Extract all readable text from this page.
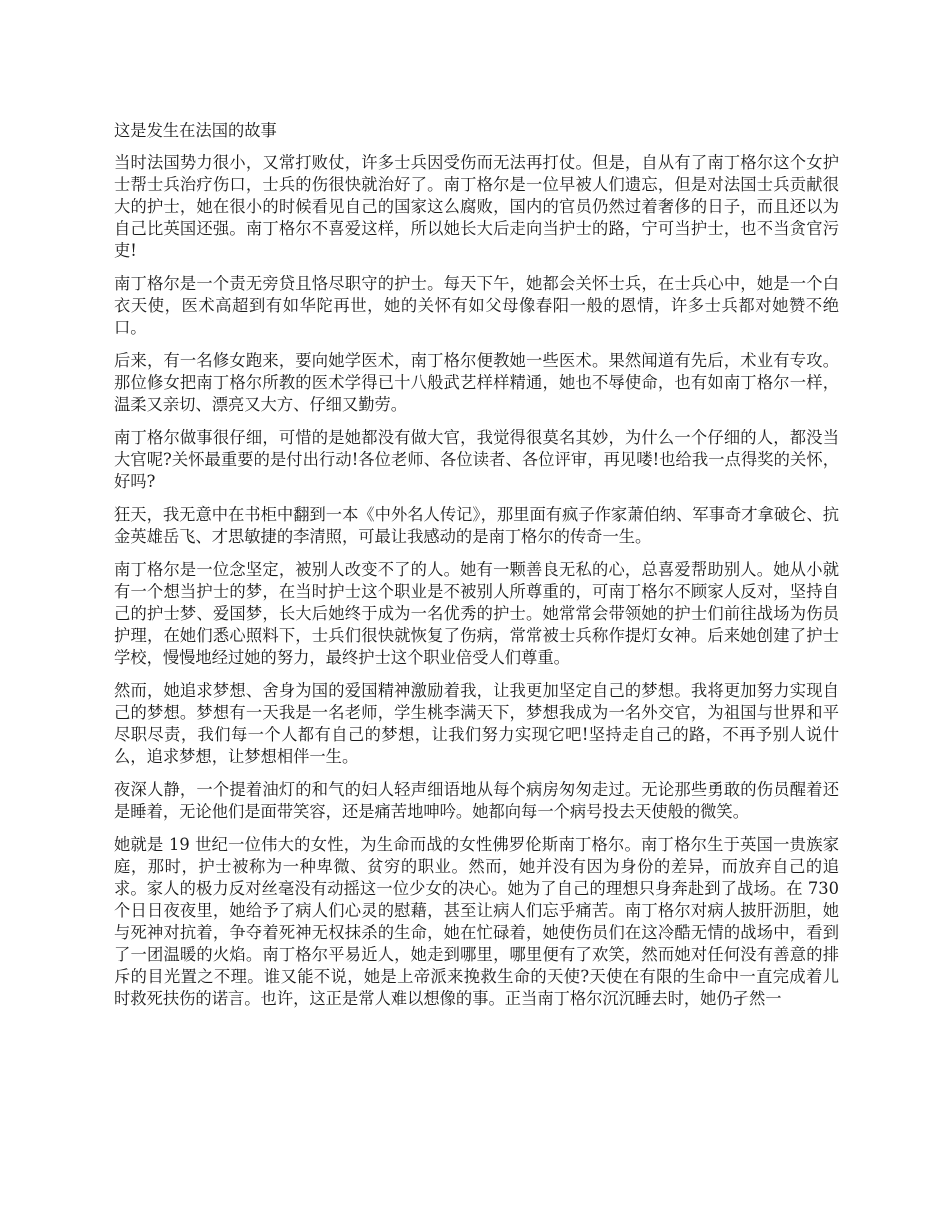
这是发生在法国的故事

当时法国势力很小，又常打败仗，许多士兵因受伤而无法再打仗。但是，自从有了南丁格尔这个女护士帮士兵治疗伤口，士兵的伤很快就治好了。南丁格尔是一位早被人们遗忘，但是对法国士兵贡献很大的护士，她在很小的时候看见自己的国家这么腐败，国内的官员仍然过着奢侈的日子，而且还以为自己比英国还强。南丁格尔不喜爱这样，所以她长大后走向当护士的路，宁可当护士，也不当贪官污吏!

南丁格尔是一个责无旁贷且恪尽职守的护士。每天下午，她都会关怀士兵，在士兵心中，她是一个白衣天使，医术高超到有如华陀再世，她的关怀有如父母像春阳一般的恩情，许多士兵都对她赞不绝口。

后来，有一名修女跑来，要向她学医术，南丁格尔便教她一些医术。果然闻道有先后，术业有专攻。那位修女把南丁格尔所教的医术学得已十八般武艺样样精通，她也不辱使命，也有如南丁格尔一样，温柔又亲切、漂亮又大方、仔细又勤劳。

南丁格尔做事很仔细，可惜的是她都没有做大官，我觉得很莫名其妙，为什么一个仔细的人，都没当大官呢?关怀最重要的是付出行动!各位老师、各位读者、各位评审，再见喽!也给我一点得奖的关怀，好吗?

狂天，我无意中在书柜中翻到一本《中外名人传记》，那里面有疯子作家萧伯纳、军事奇才拿破仑、抗金英雄岳飞、才思敏捷的李清照，可最让我感动的是南丁格尔的传奇一生。

南丁格尔是一位念坚定，被别人改变不了的人。她有一颗善良无私的心，总喜爱帮助别人。她从小就有一个想当护士的梦，在当时护士这个职业是不被别人所尊重的，可南丁格尔不顾家人反对，坚持自己的护士梦、爱国梦，长大后她终于成为一名优秀的护士。她常常会带领她的护士们前往战场为伤员护理，在她们悉心照料下，士兵们很快就恢复了伤病，常常被士兵称作提灯女神。后来她创建了护士学校，慢慢地经过她的努力，最终护士这个职业倍受人们尊重。

然而，她追求梦想、舍身为国的爱国精神激励着我，让我更加坚定自己的梦想。我将更加努力实现自己的梦想。梦想有一天我是一名老师，学生桃李满天下，梦想我成为一名外交官，为祖国与世界和平尽职尽责，我们每一个人都有自己的梦想，让我们努力实现它吧!坚持走自己的路，不再予别人说什么，追求梦想，让梦想相伴一生。

夜深人静，一个提着油灯的和气的妇人轻声细语地从每个病房匆匆走过。无论那些勇敢的伤员醒着还是睡着，无论他们是面带笑容，还是痛苦地呻吟。她都向每一个病号投去天使般的微笑。

她就是 19 世纪一位伟大的女性，为生命而战的女性佛罗伦斯南丁格尔。南丁格尔生于英国一贵族家庭，那时，护士被称为一种卑微、贫穷的职业。然而，她并没有因为身份的差异，而放弃自己的追求。家人的极力反对丝毫没有动摇这一位少女的决心。她为了自己的理想只身奔赴到了战场。在 730 个日日夜夜里，她给予了病人们心灵的慰藉，甚至让病人们忘乎痛苦。南丁格尔对病人披肝沥胆，她与死神对抗着，争夺着死神无权抹杀的生命，她在忙碌着，她使伤员们在这冷酷无情的战场中，看到了一团温暖的火焰。南丁格尔平易近人，她走到哪里，哪里便有了欢笑，然而她对任何没有善意的排斥的目光置之不理。谁又能不说，她是上帝派来挽救生命的天使?天使在有限的生命中一直完成着儿时救死扶伤的诺言。也许，这正是常人难以想像的事。正当南丁格尔沉沉睡去时，她仍孑然一
